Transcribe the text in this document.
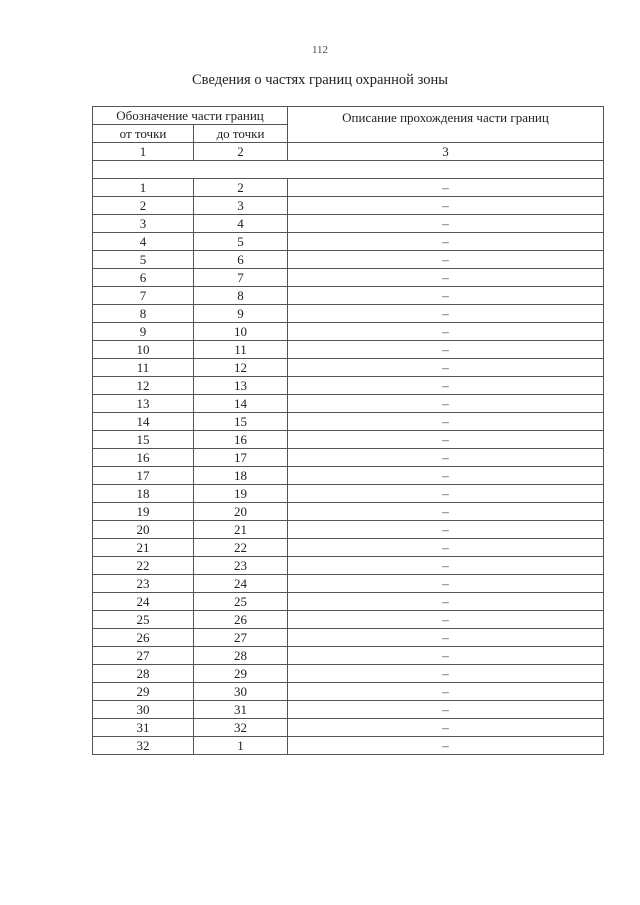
112
Сведения о частях границ охранной зоны
Обозначение части границ		Описание прохождения части границ
от точки	до точки	
1	2	3

1	2	–
2	3	–
3	4	–
4	5	–
5	6	–
6	7	–
7	8	–
8	9	–
9	10	–
10	11	–
11	12	–
12	13	–
13	14	–
14	15	–
15	16	–
16	17	–
17	18	–
18	19	–
19	20	–
20	21	–
21	22	–
22	23	–
23	24	–
24	25	–
25	26	–
26	27	–
27	28	–
28	29	–
29	30	–
30	31	–
31	32	–
32	1	–
